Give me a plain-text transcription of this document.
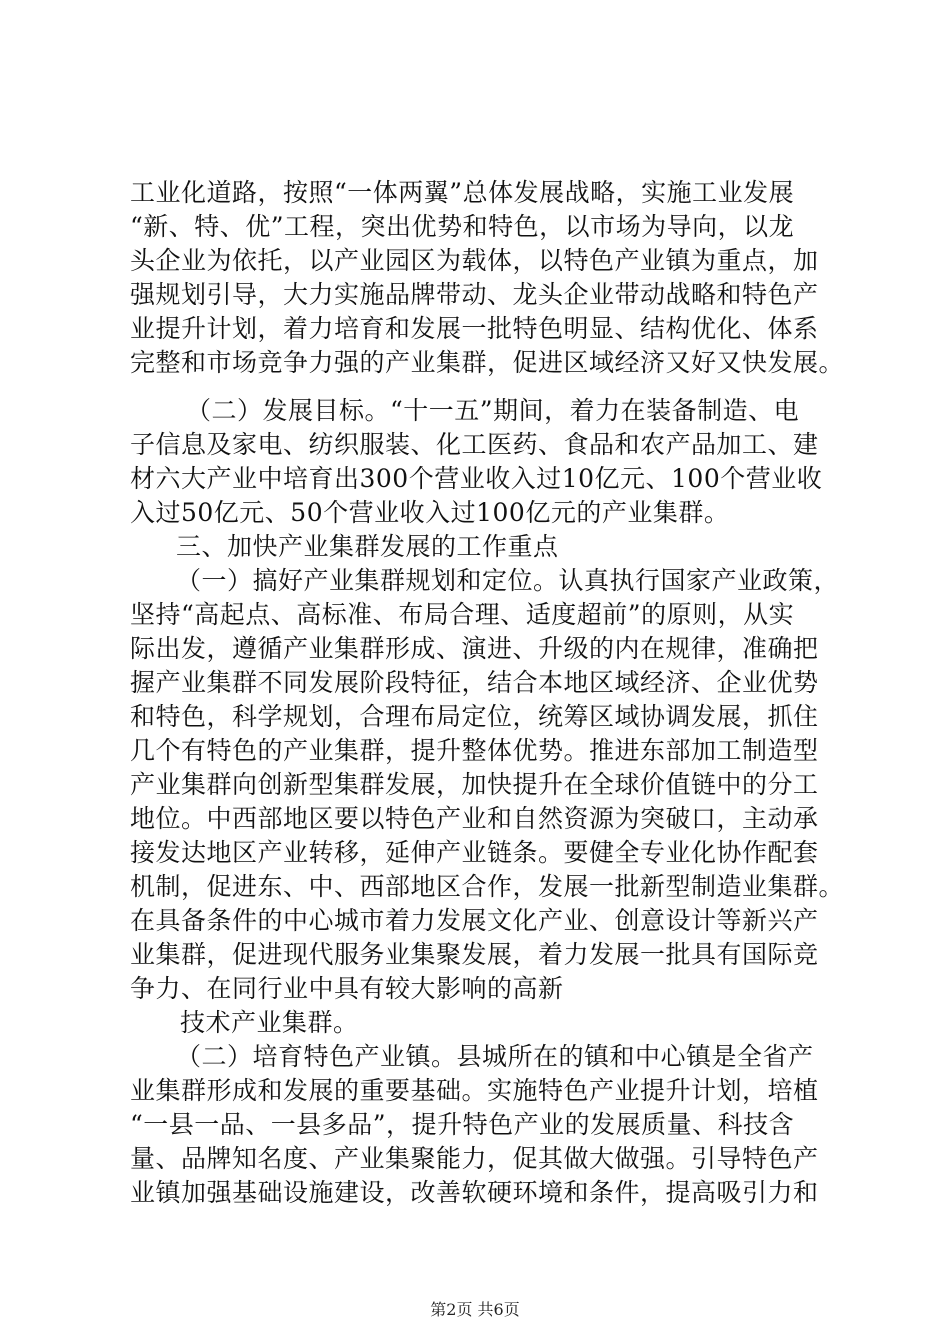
工业化道路，按照“一体两翼”总体发展战略，实施工业发展
“新、特、优”工程，突出优势和特色，以市场为导向，以龙
头企业为依托，以产业园区为载体，以特色产业镇为重点，加
强规划引导，大力实施品牌带动、龙头企业带动战略和特色产
业提升计划，着力培育和发展一批特色明显、结构优化、体系
完整和市场竞争力强的产业集群，促进区域经济又好又快发展。
（二）发展目标。“十一五”期间，着力在装备制造、电
子信息及家电、纺织服装、化工医药、食品和农产品加工、建
材六大产业中培育出300个营业收入过10亿元、100个营业收
入过50亿元、50个营业收入过100亿元的产业集群。
三、加快产业集群发展的工作重点
（一）搞好产业集群规划和定位。认真执行国家产业政策，
坚持“高起点、高标准、布局合理、适度超前”的原则，从实
际出发，遵循产业集群形成、演进、升级的内在规律，准确把
握产业集群不同发展阶段特征，结合本地区域经济、企业优势
和特色，科学规划，合理布局定位，统筹区域协调发展，抓住
几个有特色的产业集群，提升整体优势。推进东部加工制造型
产业集群向创新型集群发展，加快提升在全球价值链中的分工
地位。中西部地区要以特色产业和自然资源为突破口，主动承
接发达地区产业转移，延伸产业链条。要健全专业化协作配套
机制，促进东、中、西部地区合作，发展一批新型制造业集群。
在具备条件的中心城市着力发展文化产业、创意设计等新兴产
业集群，促进现代服务业集聚发展，着力发展一批具有国际竞
争力、在同行业中具有较大影响的高新
技术产业集群。
（二）培育特色产业镇。县城所在的镇和中心镇是全省产
业集群形成和发展的重要基础。实施特色产业提升计划，培植
“一县一品、一县多品”，提升特色产业的发展质量、科技含
量、品牌知名度、产业集聚能力，促其做大做强。引导特色产
业镇加强基础设施建设，改善软硬环境和条件，提高吸引力和
第2页 共6页
